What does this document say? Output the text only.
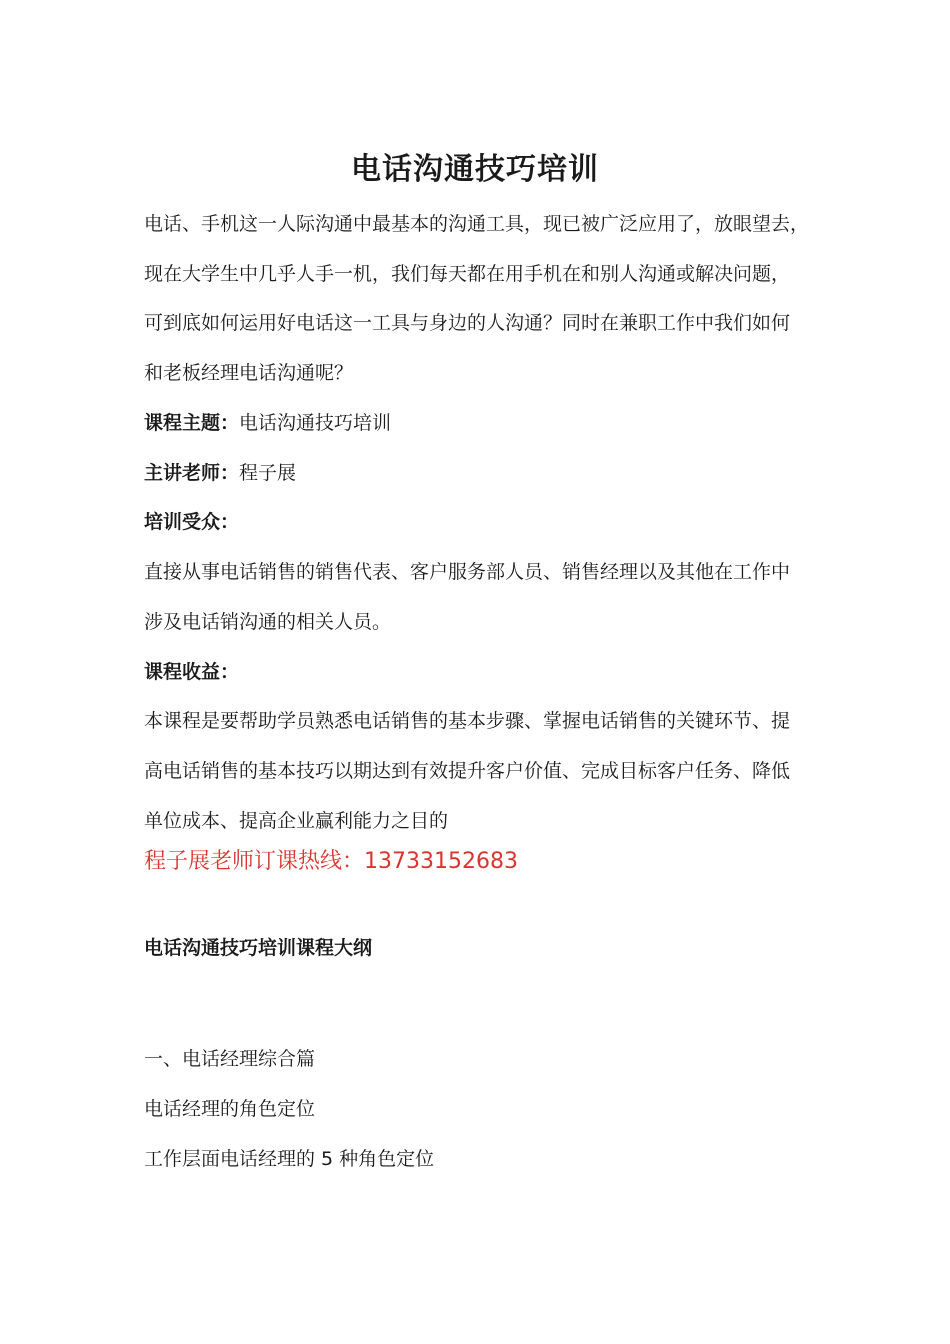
电话沟通技巧培训
电话、手机这一人际沟通中最基本的沟通工具，现已被广泛应用了，放眼望去，
现在大学生中几乎人手一机，我们每天都在用手机在和别人沟通或解决问题，
可到底如何运用好电话这一工具与身边的人沟通？同时在兼职工作中我们如何
和老板经理电话沟通呢？
课程主题：电话沟通技巧培训
主讲老师：程子展
培训受众：
直接从事电话销售的销售代表、客户服务部人员、销售经理以及其他在工作中
涉及电话销沟通的相关人员。
课程收益：
本课程是要帮助学员熟悉电话销售的基本步骤、掌握电话销售的关键环节、提
高电话销售的基本技巧以期达到有效提升客户价值、完成目标客户任务、降低
单位成本、提高企业赢利能力之目的
程子展老师订课热线：13733152683
电话沟通技巧培训课程大纲
一、电话经理综合篇
电话经理的角色定位
工作层面电话经理的 5 种角色定位
